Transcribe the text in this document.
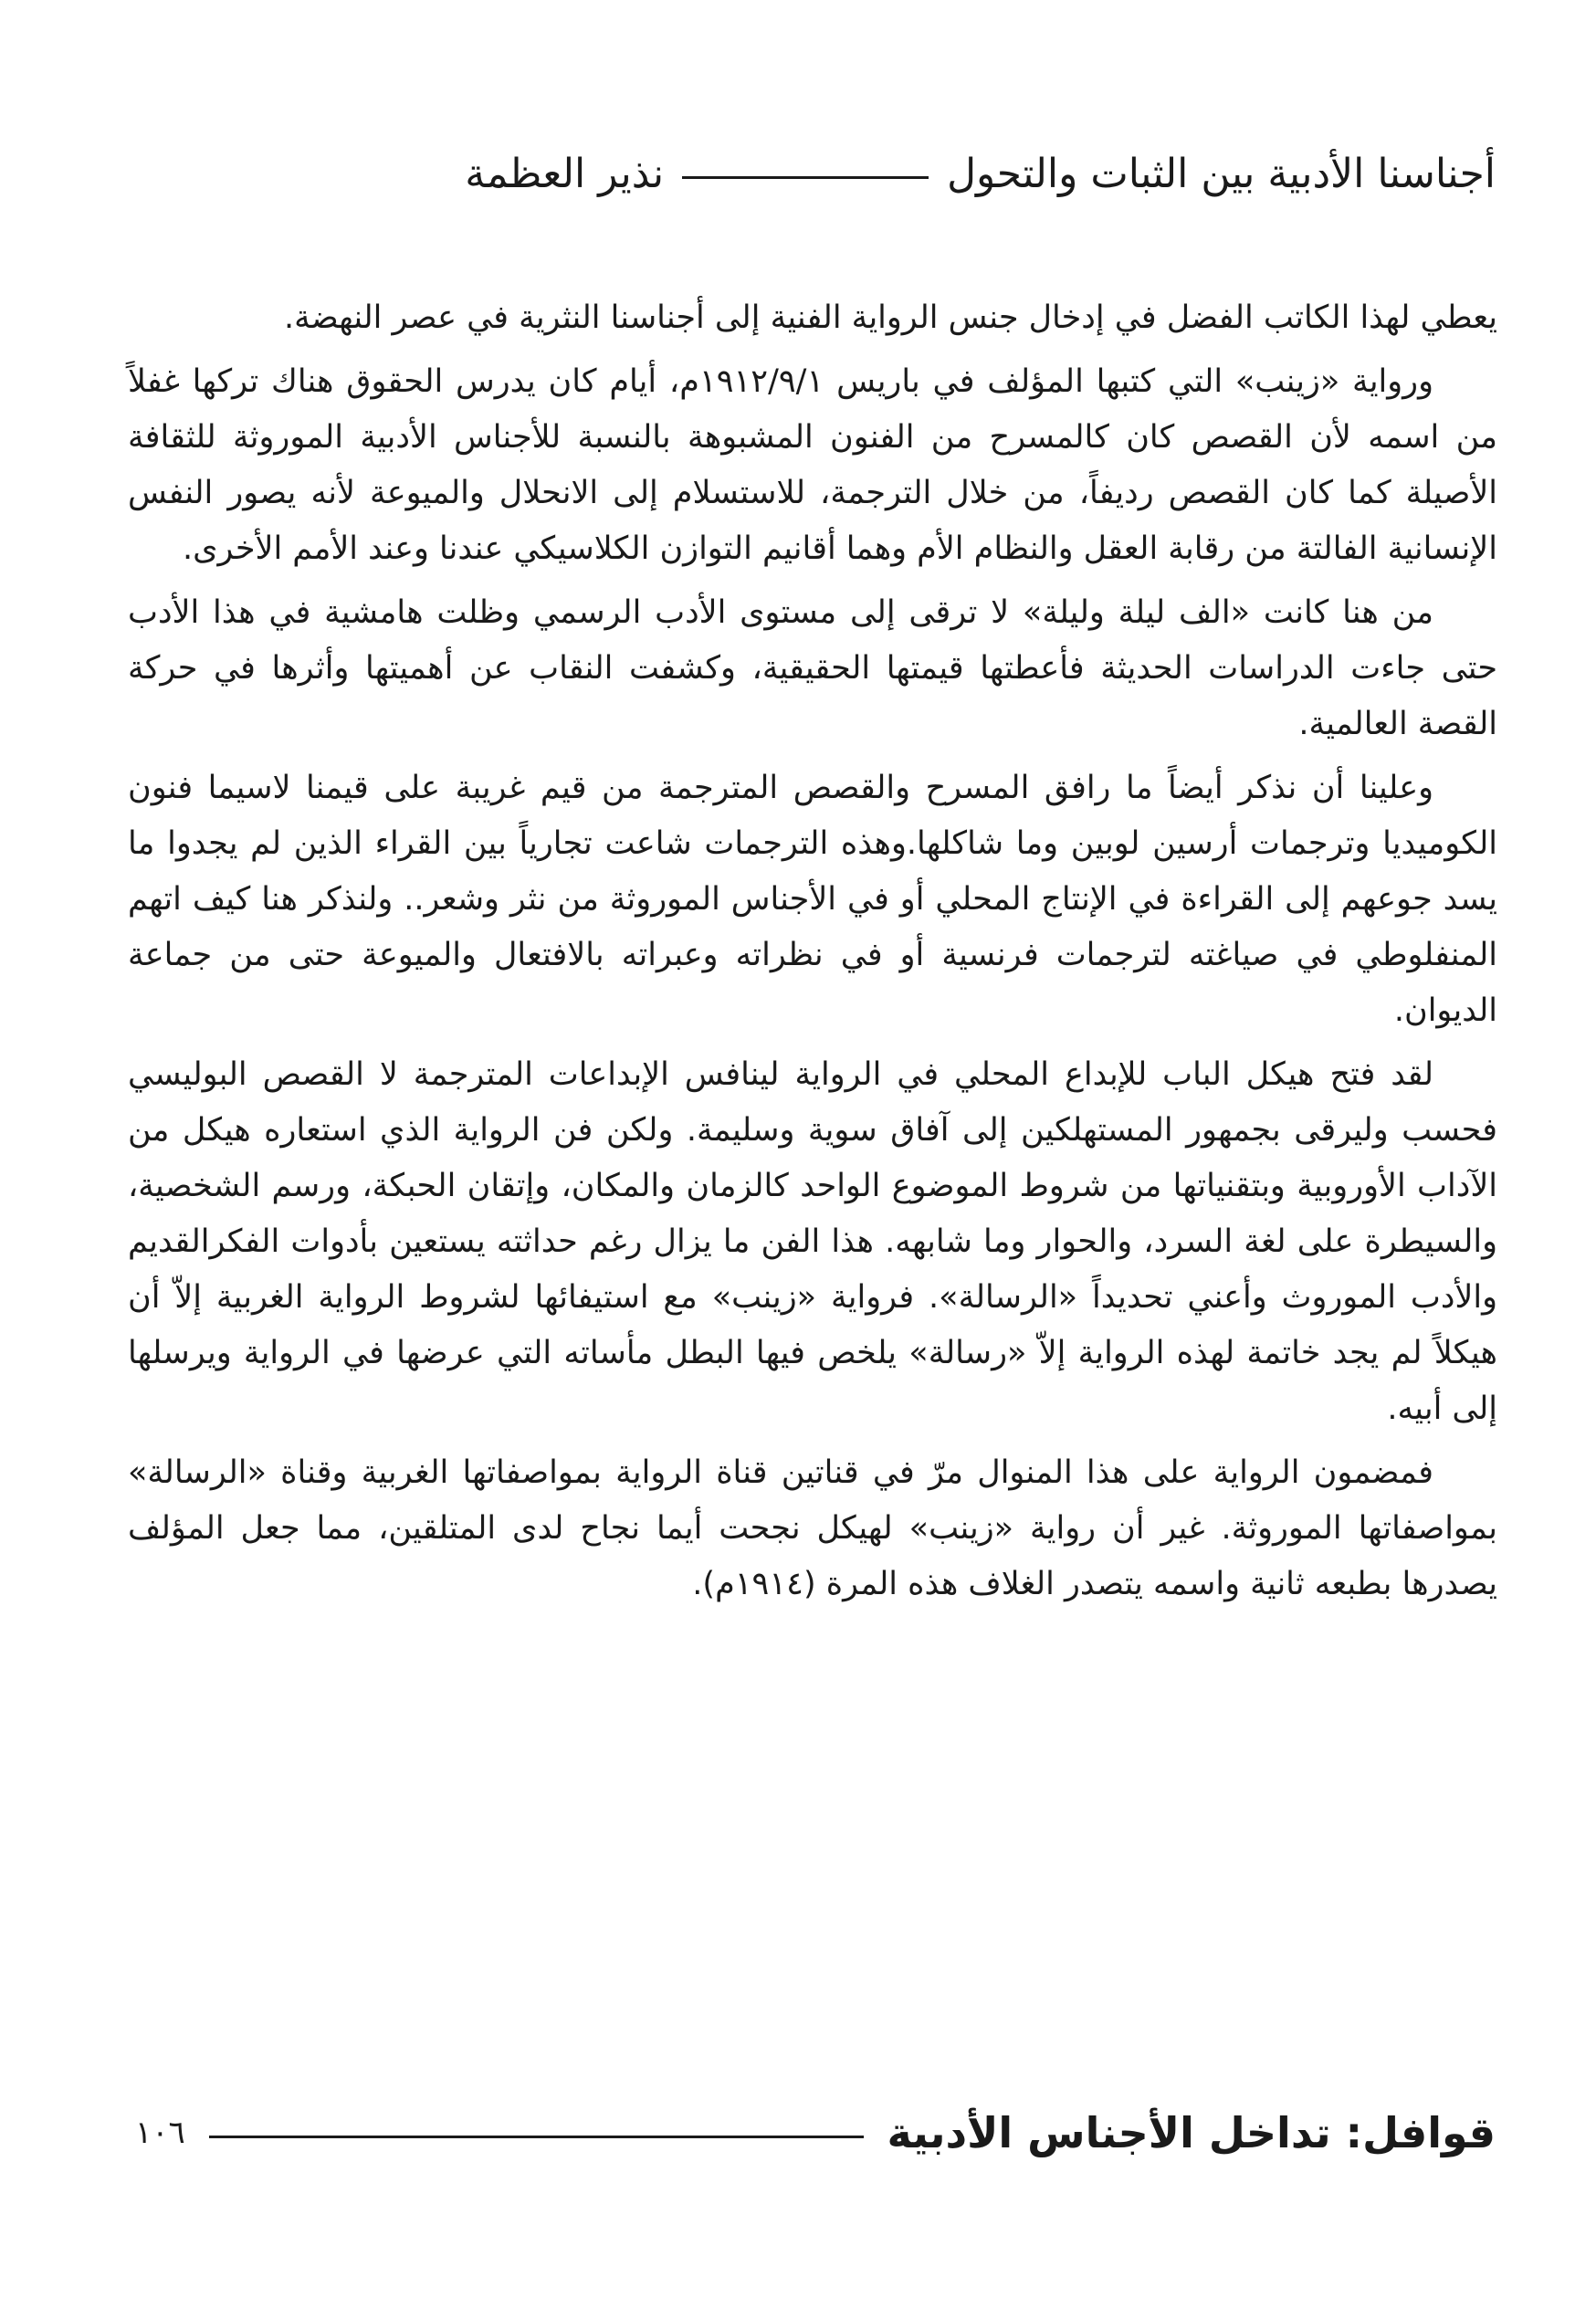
أجناسنا الأدبية بين الثبات والتحول
نذير العظمة

يعطي لهذا الكاتب الفضل في إدخال جنس الرواية الفنية إلى أجناسنا النثرية في عصر النهضة.

ورواية «زينب» التي كتبها المؤلف في باريس ١٩١٢/٩/١م، أيام كان يدرس الحقوق هناك تركها غفلاً من اسمه لأن القصص كان كالمسرح من الفنون المشبوهة بالنسبة للأجناس الأدبية الموروثة للثقافة الأصيلة كما كان القصص رديفاً، من خلال الترجمة، للاستسلام إلى الانحلال والميوعة لأنه يصور النفس الإنسانية الفالتة من رقابة العقل والنظام الأم وهما أقانيم التوازن الكلاسيكي عندنا وعند الأمم الأخرى.

من هنا كانت «الف ليلة وليلة» لا ترقى إلى مستوى الأدب الرسمي وظلت هامشية في هذا الأدب حتى جاءت الدراسات الحديثة فأعطتها قيمتها الحقيقية، وكشفت النقاب عن أهميتها وأثرها في حركة القصة العالمية.

وعلينا أن نذكر أيضاً ما رافق المسرح والقصص المترجمة من قيم غريبة على قيمنا لاسيما فنون الكوميديا وترجمات أرسين لوبين وما شاكلها.وهذه الترجمات شاعت تجارياً بين القراء الذين لم يجدوا ما يسد جوعهم إلى القراءة في الإنتاج المحلي أو في الأجناس الموروثة من نثر وشعر.. ولنذكر هنا كيف اتهم المنفلوطي في صياغته لترجمات فرنسية أو في نظراته وعبراته بالافتعال والميوعة حتى من جماعة الديوان.

لقد فتح هيكل الباب للإبداع المحلي في الرواية لينافس الإبداعات المترجمة لا القصص البوليسي فحسب وليرقى بجمهور المستهلكين إلى آفاق سوية وسليمة. ولكن فن الرواية الذي استعاره هيكل من الآداب الأوروبية وبتقنياتها من شروط الموضوع الواحد كالزمان والمكان، وإتقان الحبكة، ورسم الشخصية، والسيطرة على لغة السرد، والحوار وما شابهه. هذا الفن ما يزال رغم حداثته يستعين بأدوات الفكرالقديم والأدب الموروث وأعني تحديداً «الرسالة». فرواية «زينب» مع استيفائها لشروط الرواية الغربية إلاّ أن هيكلاً لم يجد خاتمة لهذه الرواية إلاّ «رسالة» يلخص فيها البطل مأساته التي عرضها في الرواية ويرسلها إلى أبيه.

فمضمون الرواية على هذا المنوال مرّ في قناتين قناة الرواية بمواصفاتها الغربية وقناة «الرسالة» بمواصفاتها الموروثة. غير أن رواية «زينب» لهيكل نجحت أيما نجاح لدى المتلقين، مما جعل المؤلف يصدرها بطبعه ثانية واسمه يتصدر الغلاف هذه المرة (١٩١٤م).

قوافل: تداخل الأجناس الأدبية
١٠٦
